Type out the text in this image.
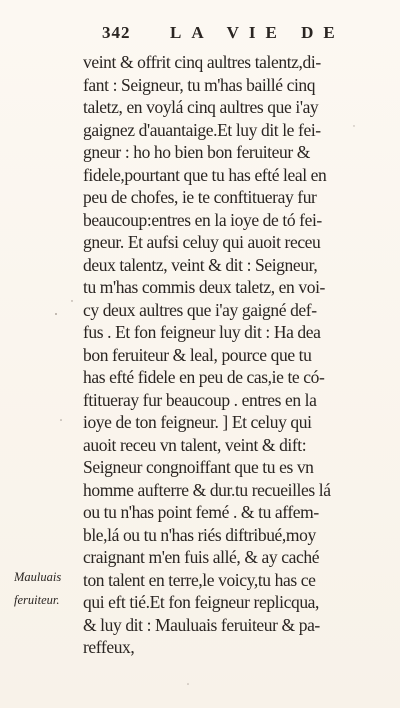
342	LA VIE DE
veint & offrit cinq aultres talentz,di-
fant : Seigneur, tu m'has baillé cinq
taletz, en voylá cinq aultres que i'ay
gaignez d'auantaige.Et luy dit le fei-
gneur : ho ho bien bon feruiteur &
fidele,pourtant que tu has efté leal en
peu de chofes, ie te conftitueray fur
beaucoup:entres en la ioye de tó fei-
gneur. Et aufsi celuy qui auoit receu
deux talentz, veint & dit : Seigneur,
tu m'has commis deux taletz, en voi-
cy deux aultres que i'ay gaigné def-
fus . Et fon feigneur luy dit : Ha dea
bon feruiteur & leal, pource que tu
has efté fidele en peu de cas,ie te có-
ftitueray fur beaucoup . entres en la
ioye de ton feigneur. ] Et celuy qui
auoit receu vn talent, veint & dift:
Seigneur congnoiffant que tu es vn
homme aufterre & dur.tu recueilles lá
ou tu n'has point femé . & tu affem-
ble,lá ou tu n'has riés diftribué,moy
craignant m'en fuis allé, & ay caché
ton talent en terre,le voicy,tu has ce
qui eft tié.Et fon feigneur replicqua,
& luy dit : Mauluais feruiteur & pa-
reffeux,
Mauluais
feruiteur.
